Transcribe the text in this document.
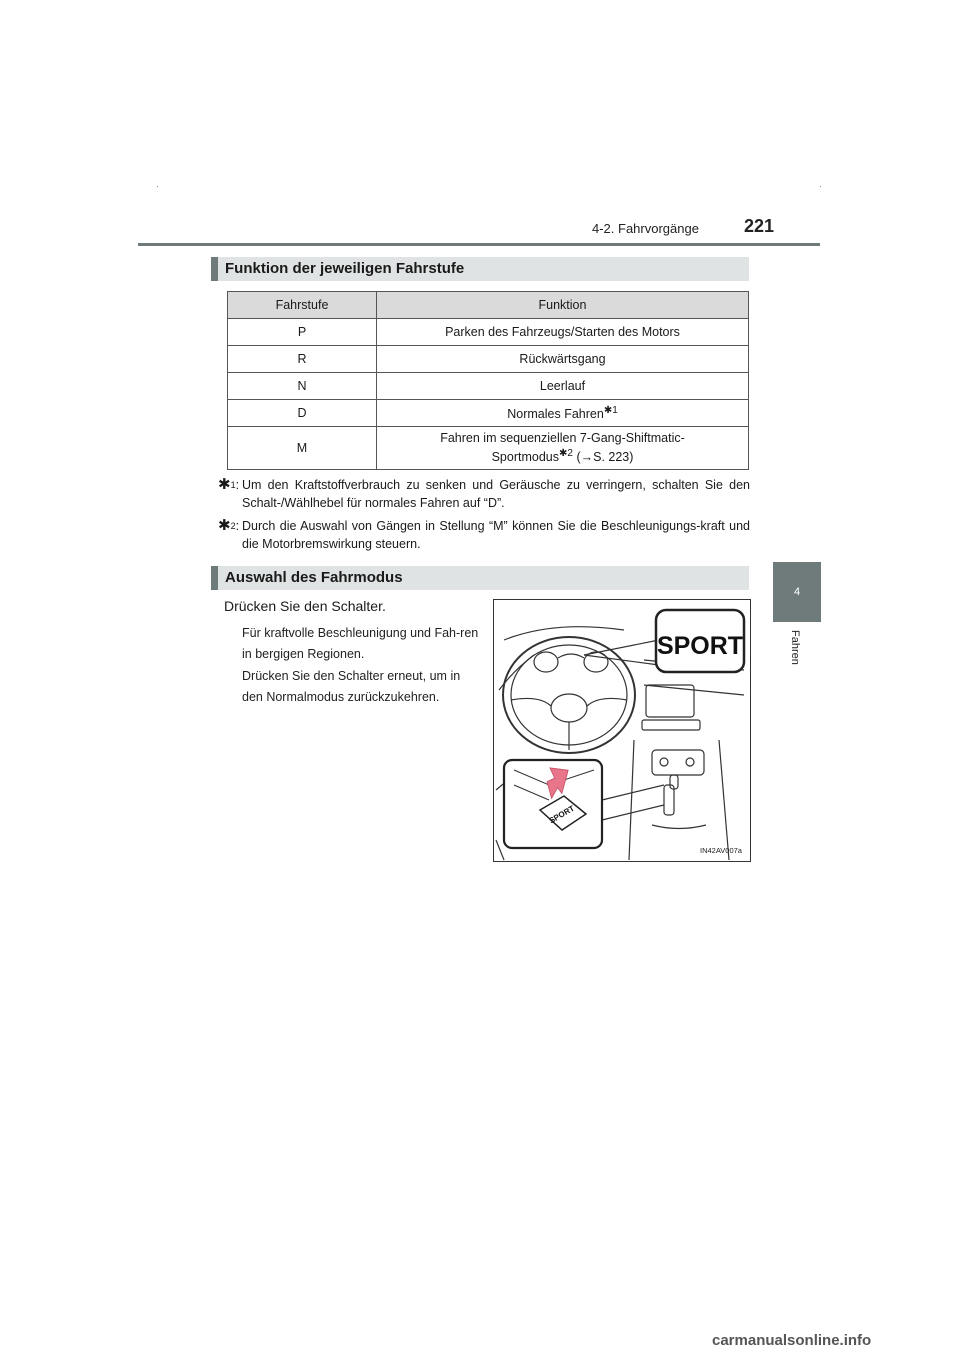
4-2. Fahrvorgänge	221
4
Fahren
Funktion der jeweiligen Fahrstufe
Fahrstufe	Funktion
P	Parken des Fahrzeugs/Starten des Motors
R	Rückwärtsgang
N	Leerlauf
D	Normales Fahren$^{✱1}$
M	Fahren im sequenziellen 7-Gang-Shiftmatic-
Sportmodus$^{✱2}$ (→S. 223)
✱$^1$: Um den Kraftstoffverbrauch zu senken und Geräusche zu verringern, schalten Sie den Schalt-/Wählhebel für normales Fahren auf “D”.
✱$^2$: Durch die Auswahl von Gängen in Stellung “M” können Sie die Beschleunigungs-kraft und die Motorbremswirkung steuern.
Auswahl des Fahrmodus
Drücken Sie den Schalter.
Für kraftvolle Beschleunigung und Fah-ren in bergigen Regionen.
Drücken Sie den Schalter erneut, um in den Normalmodus zurückzukehren.
SPORT
SPORT
IN42AV007a
carmanualsonline.info
